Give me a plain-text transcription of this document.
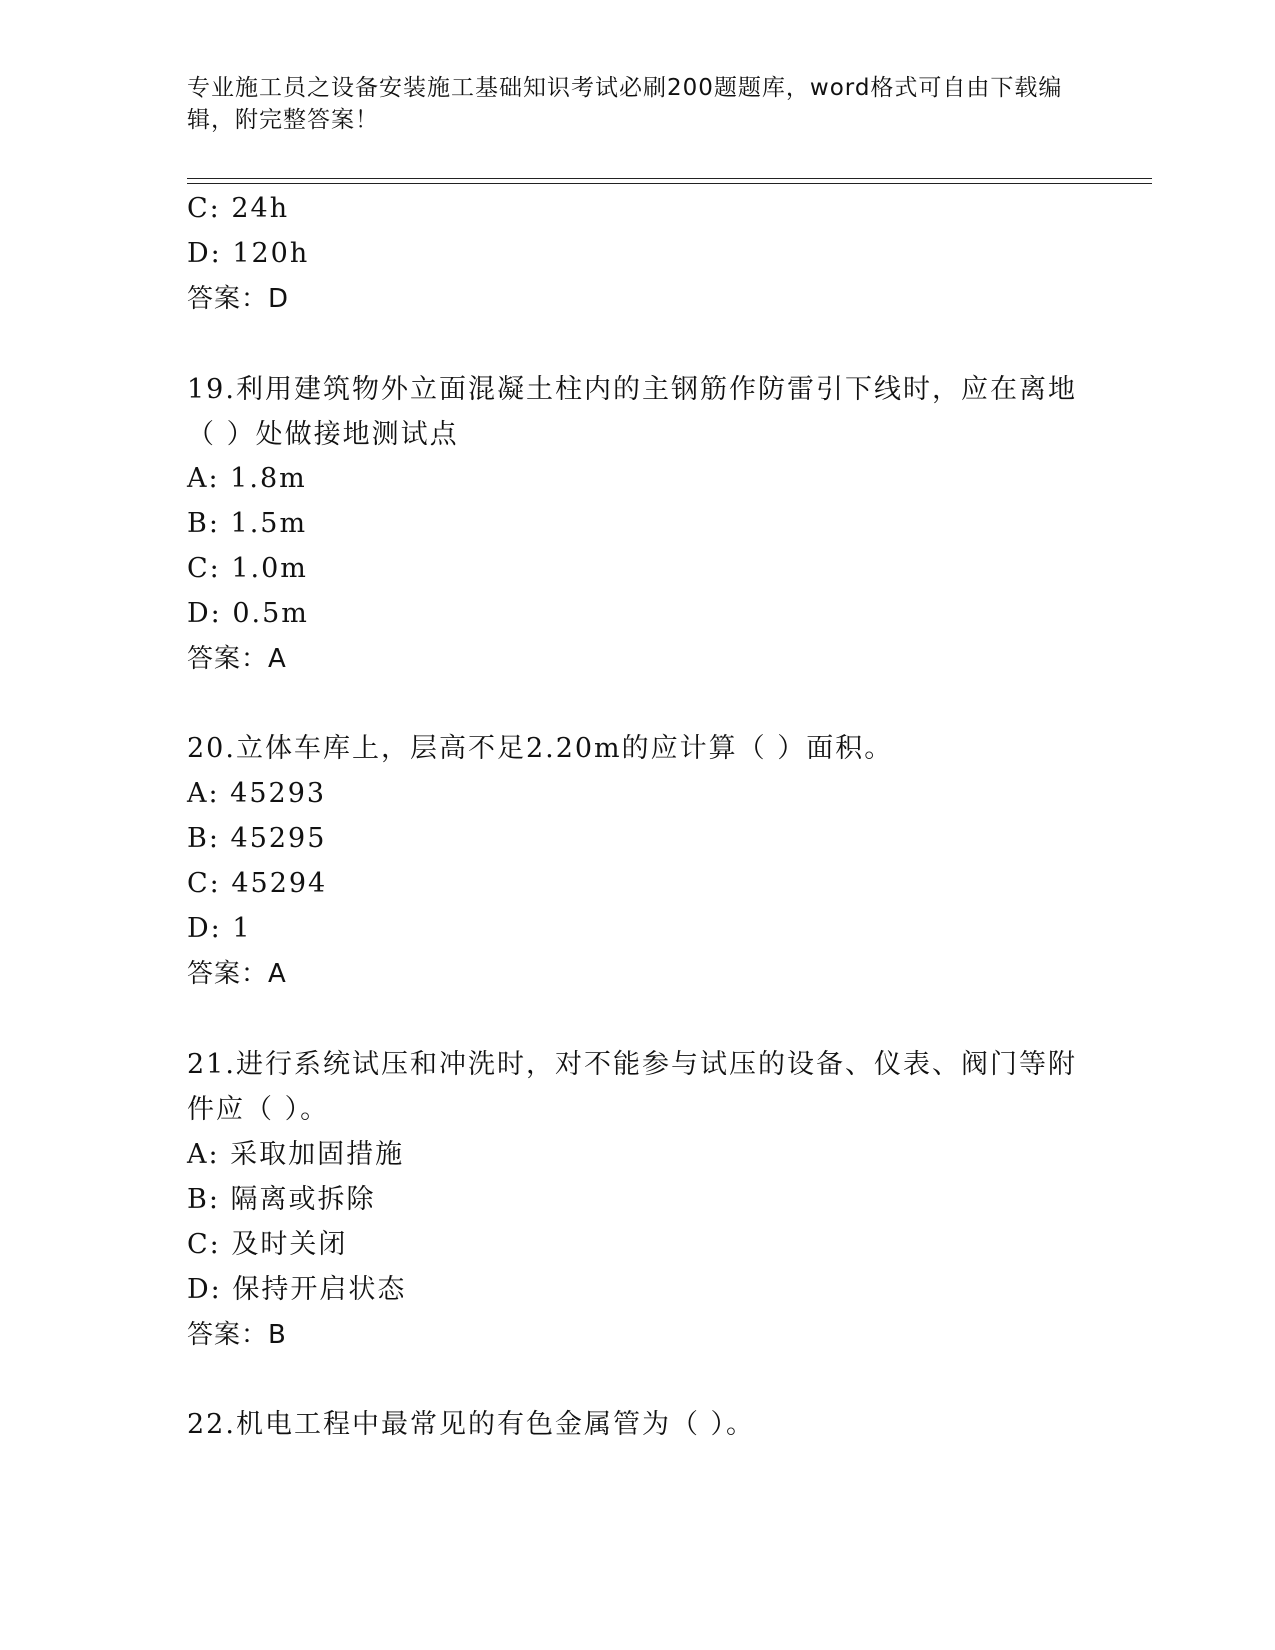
专业施工员之设备安装施工基础知识考试必刷200题题库，word格式可自由下载编辑，附完整答案！
C: 24h
D: 120h
答案：D
19.利用建筑物外立面混凝土柱内的主钢筋作防雷引下线时，应在离地
（ ）处做接地测试点
A: 1.8m
B: 1.5m
C: 1.0m
D: 0.5m
答案：A
20.立体车库上，层高不足2.20m的应计算（ ）面积。
A: 45293
B: 45295
C: 45294
D: 1
答案：A
21.进行系统试压和冲洗时，对不能参与试压的设备、仪表、阀门等附
件应（ ）。
A: 采取加固措施
B: 隔离或拆除
C: 及时关闭
D: 保持开启状态
答案：B
22.机电工程中最常见的有色金属管为（ ）。
